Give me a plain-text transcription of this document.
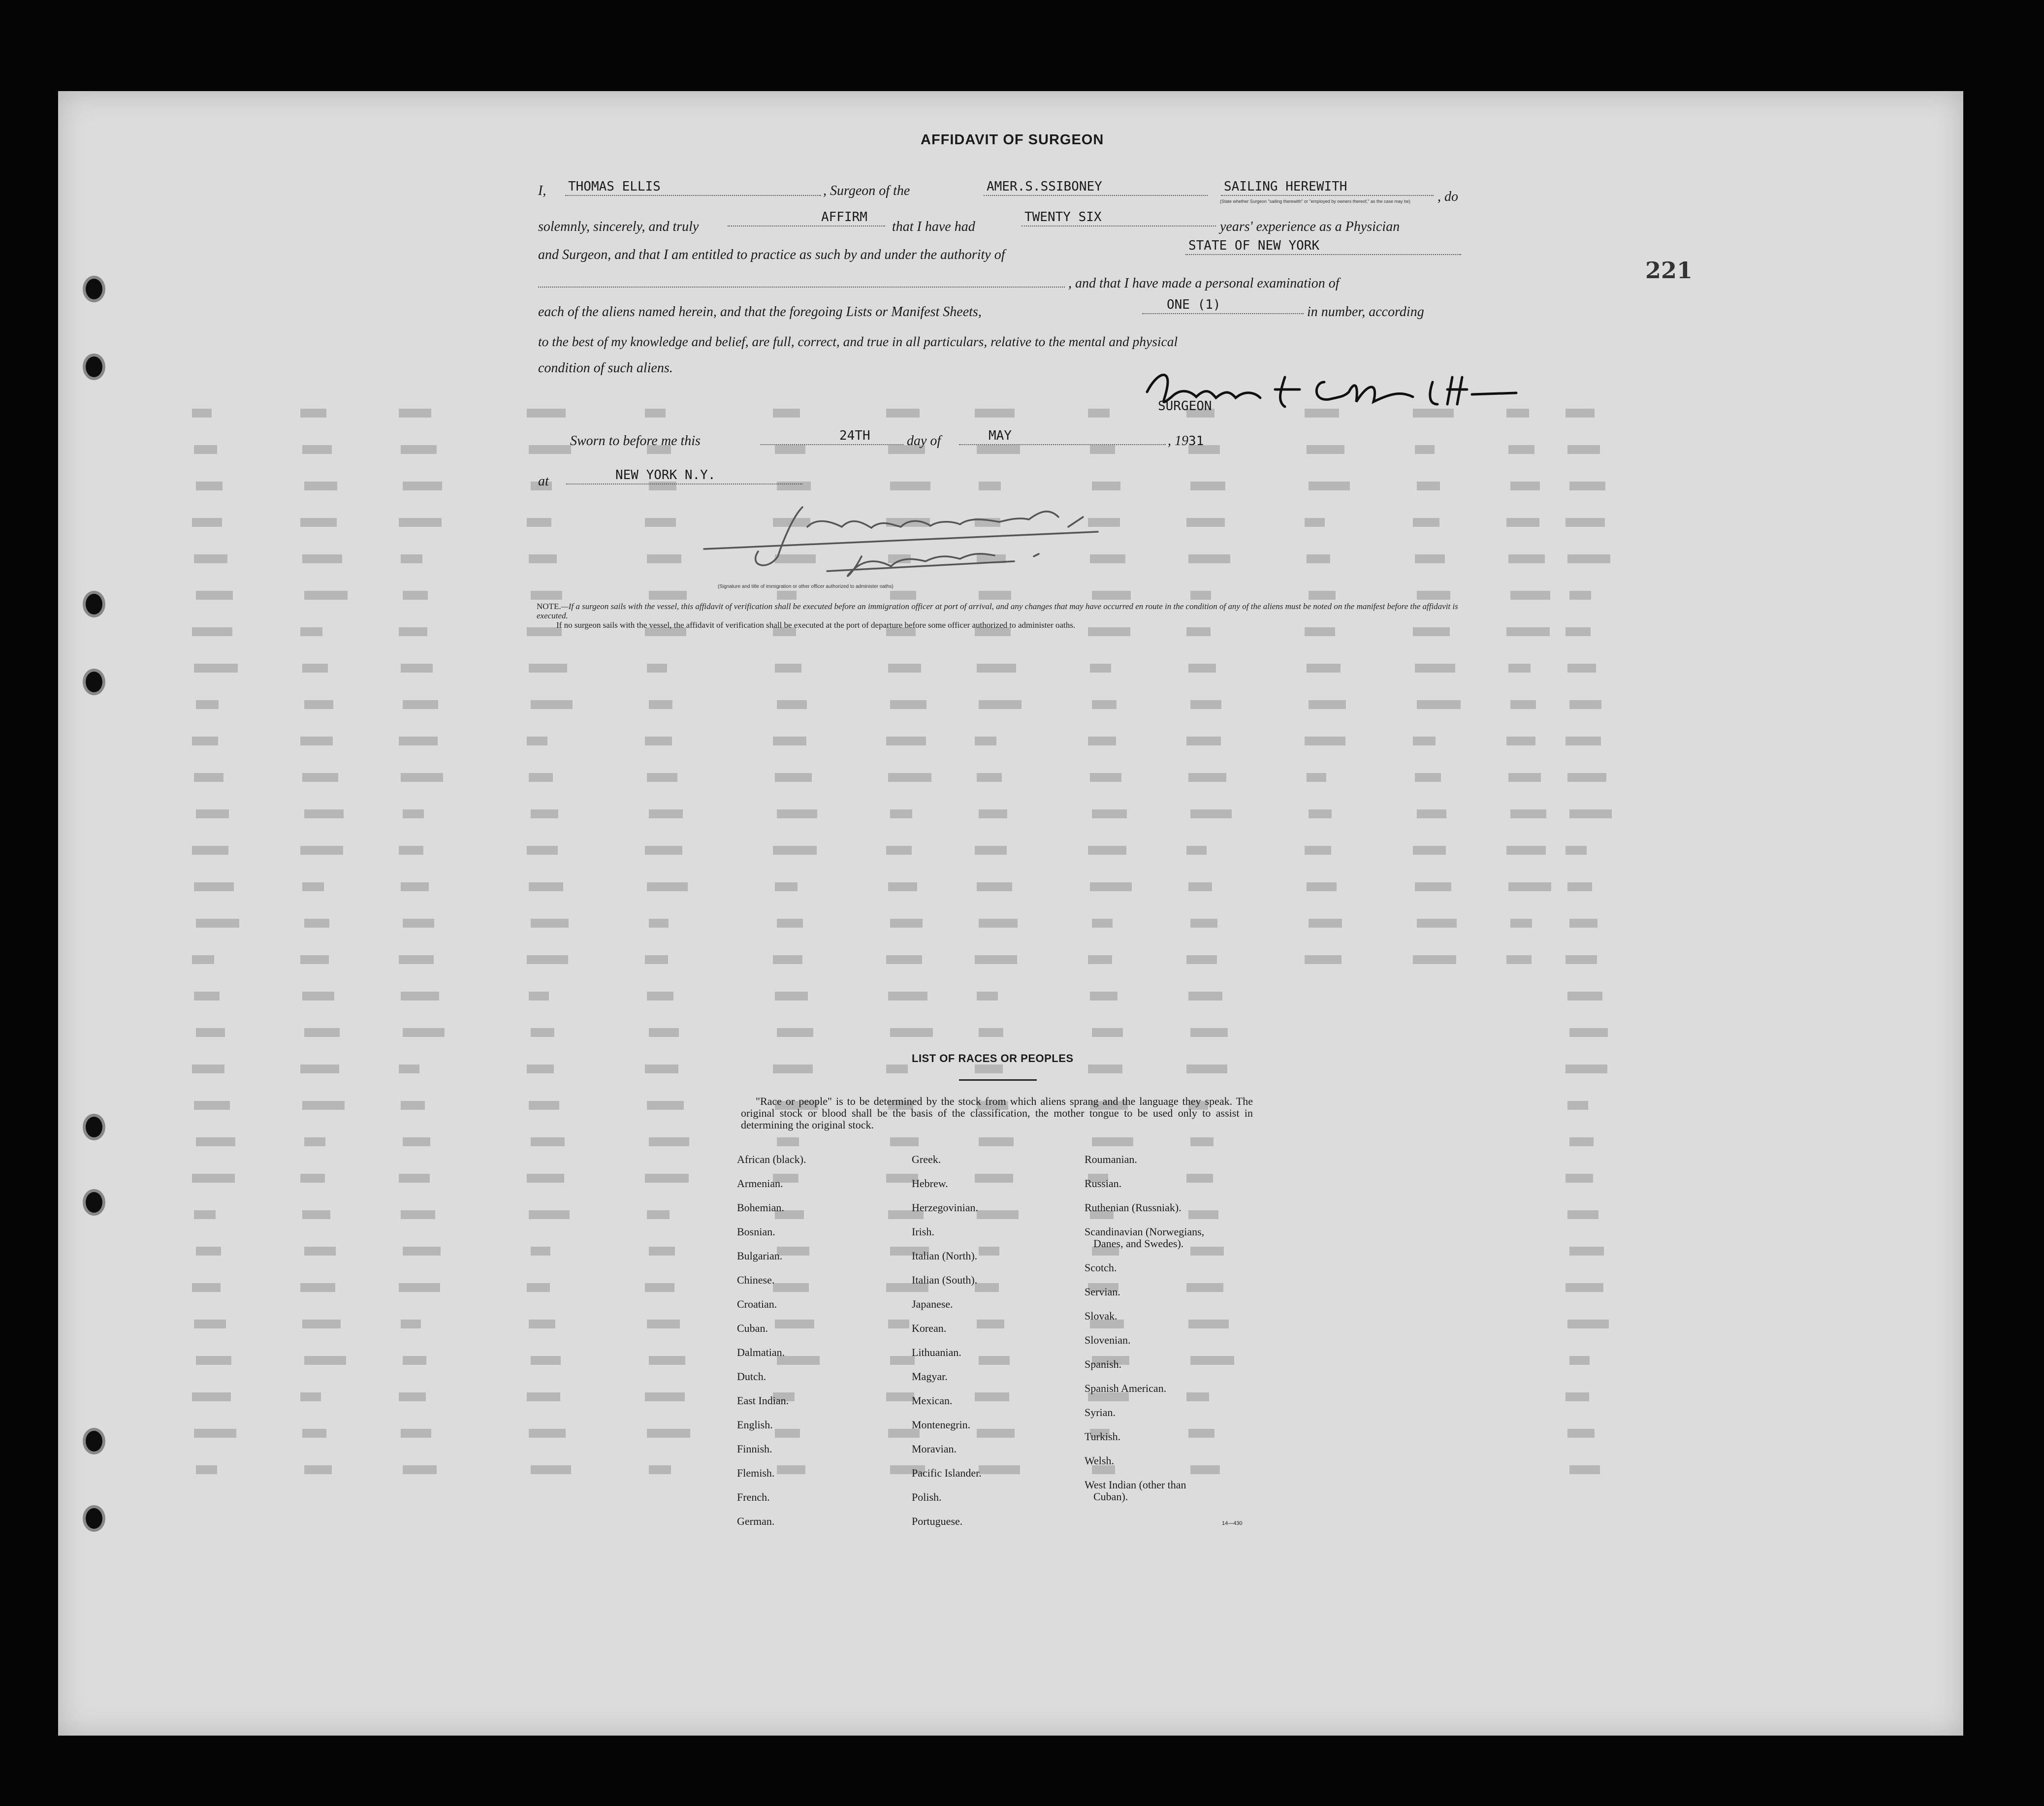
221
AFFIDAVIT OF SURGEON
I, THOMAS ELLIS	, Surgeon of the	AMER.S.SSIBONEY	SAILING HEREWITH
, do
(State whether Surgeon "sailing therewith" or "employed by owners thereof," as the case may be)
solemnly, sincerely, and truly
AFFIRM
that I have had
TWENTY SIX
years' experience as a Physician
and Surgeon, and that I am entitled to practice as such by and under the authority of
STATE OF NEW YORK
, and that I have made a personal examination of
each of the aliens named herein, and that the foregoing Lists or Manifest Sheets,	ONE (1)	in number, according
to the best of my knowledge and belief, are full, correct, and true in all particulars, relative to the mental and physical
condition of such aliens.
SURGEON
Sworn to before me this	24TH	day of	MAY	, 1931
at	NEW YORK N.Y.
(Signature and title of immigration or other officer authorized to administer oaths)

NOTE.—If a surgeon sails with the vessel, this affidavit of verification shall be executed before an immigration officer at port of arrival, and any changes that may have occurred en route in the condition of any of the aliens must be noted on the manifest before the affidavit is executed.

If no surgeon sails with the vessel, the affidavit of verification shall be executed at the port of departure before some officer authorized to administer oaths.

LIST OF RACES OR PEOPLES
"Race or people" is to be determined by the stock from which aliens sprang and the language they speak. The original stock or blood shall be the basis of the classification, the mother tongue to be used only to assist in determining the original stock.
African (black).
Armenian.
Bohemian.
Bosnian.
Bulgarian.
Chinese.
Croatian.
Cuban.
Dalmatian.
Dutch.
East Indian.
English.
Finnish.
Flemish.
French.
German.
Greek.
Hebrew.
Herzegovinian.
Irish.
Italian (North).
Italian (South).
Japanese.
Korean.
Lithuanian.
Magyar.
Mexican.
Montenegrin.
Moravian.
Pacific Islander.
Polish.
Portuguese.
Roumanian.
Russian.
Ruthenian (Russniak).
Scandinavian (Norwegians,
Danes, and Swedes).
Scotch.
Servian.
Slovak.
Slovenian.
Spanish.
Spanish American.
Syrian.
Turkish.
Welsh.
West Indian (other than
Cuban).
14—430
